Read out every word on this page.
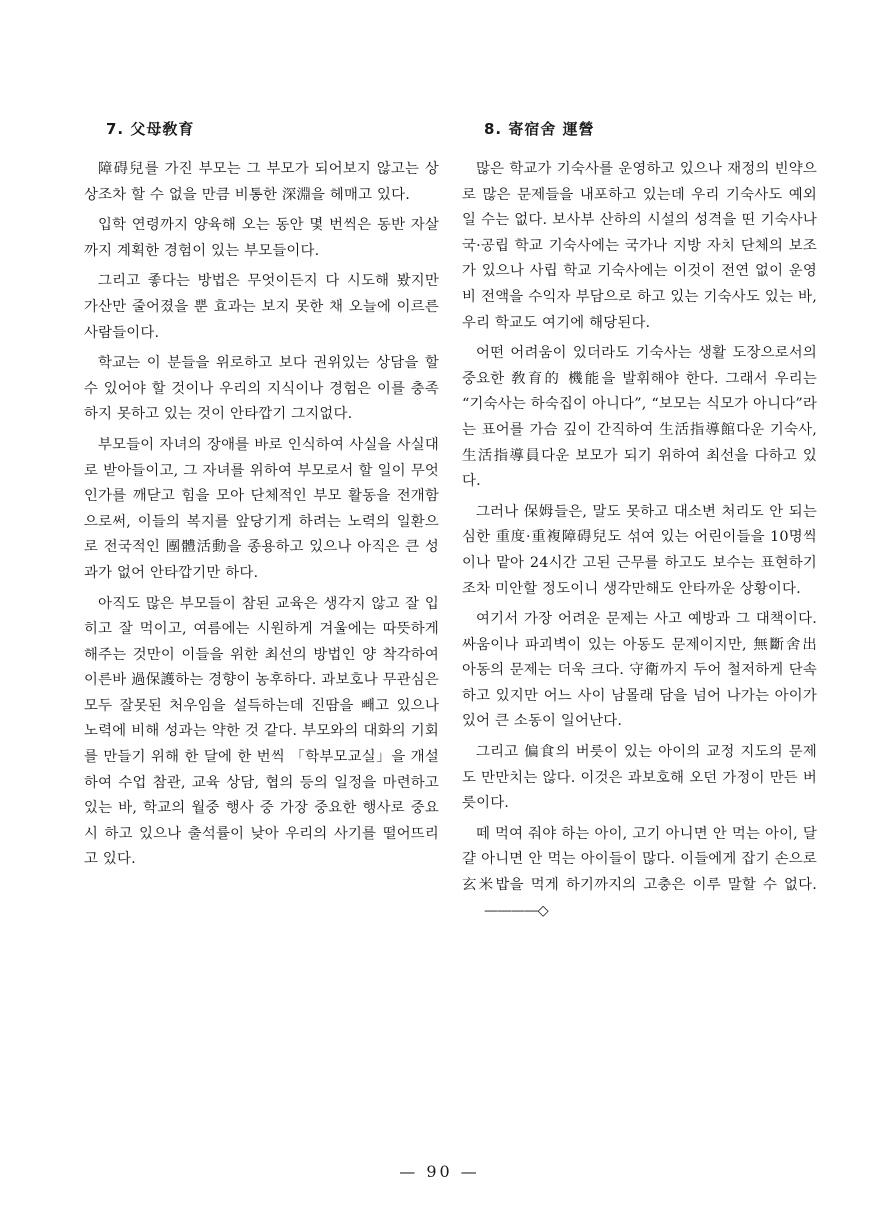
7. 父母敎育

障碍兒를 가진 부모는 그 부모가 되어보지 않고는 상상조차 할 수 없을 만큼 비통한 深淵을 헤매고 있다.

입학 연령까지 양육해 오는 동안 몇 번씩은 동반 자살까지 계획한 경험이 있는 부모들이다.

그리고 좋다는 방법은 무엇이든지 다 시도해 봤지만 가산만 줄어졌을 뿐 효과는 보지 못한 채 오늘에 이르른 사람들이다.

학교는 이 분들을 위로하고 보다 권위있는 상담을 할 수 있어야 할 것이나 우리의 지식이나 경험은 이를 충족하지 못하고 있는 것이 안타깝기 그지없다.

부모들이 자녀의 장애를 바로 인식하여 사실을 사실대로 받아들이고, 그 자녀를 위하여 부모로서 할 일이 무엇인가를 깨닫고 힘을 모아 단체적인 부모 활동을 전개함으로써, 이들의 복지를 앞당기게 하려는 노력의 일환으로 전국적인 團體活動을 종용하고 있으나 아직은 큰 성과가 없어 안타깝기만 하다.

아직도 많은 부모들이 참된 교육은 생각지 않고 잘 입히고 잘 먹이고, 여름에는 시원하게 겨울에는 따뜻하게 해주는 것만이 이들을 위한 최선의 방법인 양 착각하여 이른바 過保護하는 경향이 농후하다. 과보호나 무관심은 모두 잘못된 처우임을 설득하는데 진땀을 빼고 있으나 노력에 비해 성과는 약한 것 같다. 부모와의 대화의 기회를 만들기 위해 한 달에 한 번씩 「학부모교실」을 개설하여 수업 참관, 교육 상담, 협의 등의 일정을 마련하고 있는 바, 학교의 월중 행사 중 가장 중요한 행사로 중요시 하고 있으나 출석률이 낮아 우리의 사기를 떨어뜨리고 있다.

8. 寄宿舍 運營

많은 학교가 기숙사를 운영하고 있으나 재정의 빈약으로 많은 문제들을 내포하고 있는데 우리 기숙사도 예외일 수는 없다. 보사부 산하의 시설의 성격을 띤 기숙사나 국·공립 학교 기숙사에는 국가나 지방 자치 단체의 보조가 있으나 사립 학교 기숙사에는 이것이 전연 없이 운영비 전액을 수익자 부담으로 하고 있는 기숙사도 있는 바, 우리 학교도 여기에 해당된다.

어떤 어려움이 있더라도 기숙사는 생활 도장으로서의 중요한 敎育的 機能을 발휘해야 한다. 그래서 우리는 “기숙사는 하숙집이 아니다”, “보모는 식모가 아니다”라는 표어를 가슴 깊이 간직하여 生活指導館다운 기숙사, 生活指導員다운 보모가 되기 위하여 최선을 다하고 있다.

그러나 保姆들은, 말도 못하고 대소변 처리도 안 되는 심한 重度·重複障碍兒도 섞여 있는 어린이들을 10명씩이나 맡아 24시간 고된 근무를 하고도 보수는 표현하기조차 미안할 정도이니 생각만해도 안타까운 상황이다.

여기서 가장 어려운 문제는 사고 예방과 그 대책이다. 싸움이나 파괴벽이 있는 아동도 문제이지만, 無斷舍出 아동의 문제는 더욱 크다. 守衛까지 두어 철저하게 단속하고 있지만 어느 사이 남몰래 담을 넘어 나가는 아이가 있어 큰 소동이 일어난다.

그리고 偏食의 버릇이 있는 아이의 교정 지도의 문제도 만만치는 않다. 이것은 과보호해 오던 가정이 만든 버릇이다.

떼 먹여 줘야 하는 아이, 고기 아니면 안 먹는 아이, 달걀 아니면 안 먹는 아이들이 많다. 이들에게 잡기 손으로 玄米밥을 먹게 하기까지의 고충은 이루 말할 수 없다.————◇

— 90 —
